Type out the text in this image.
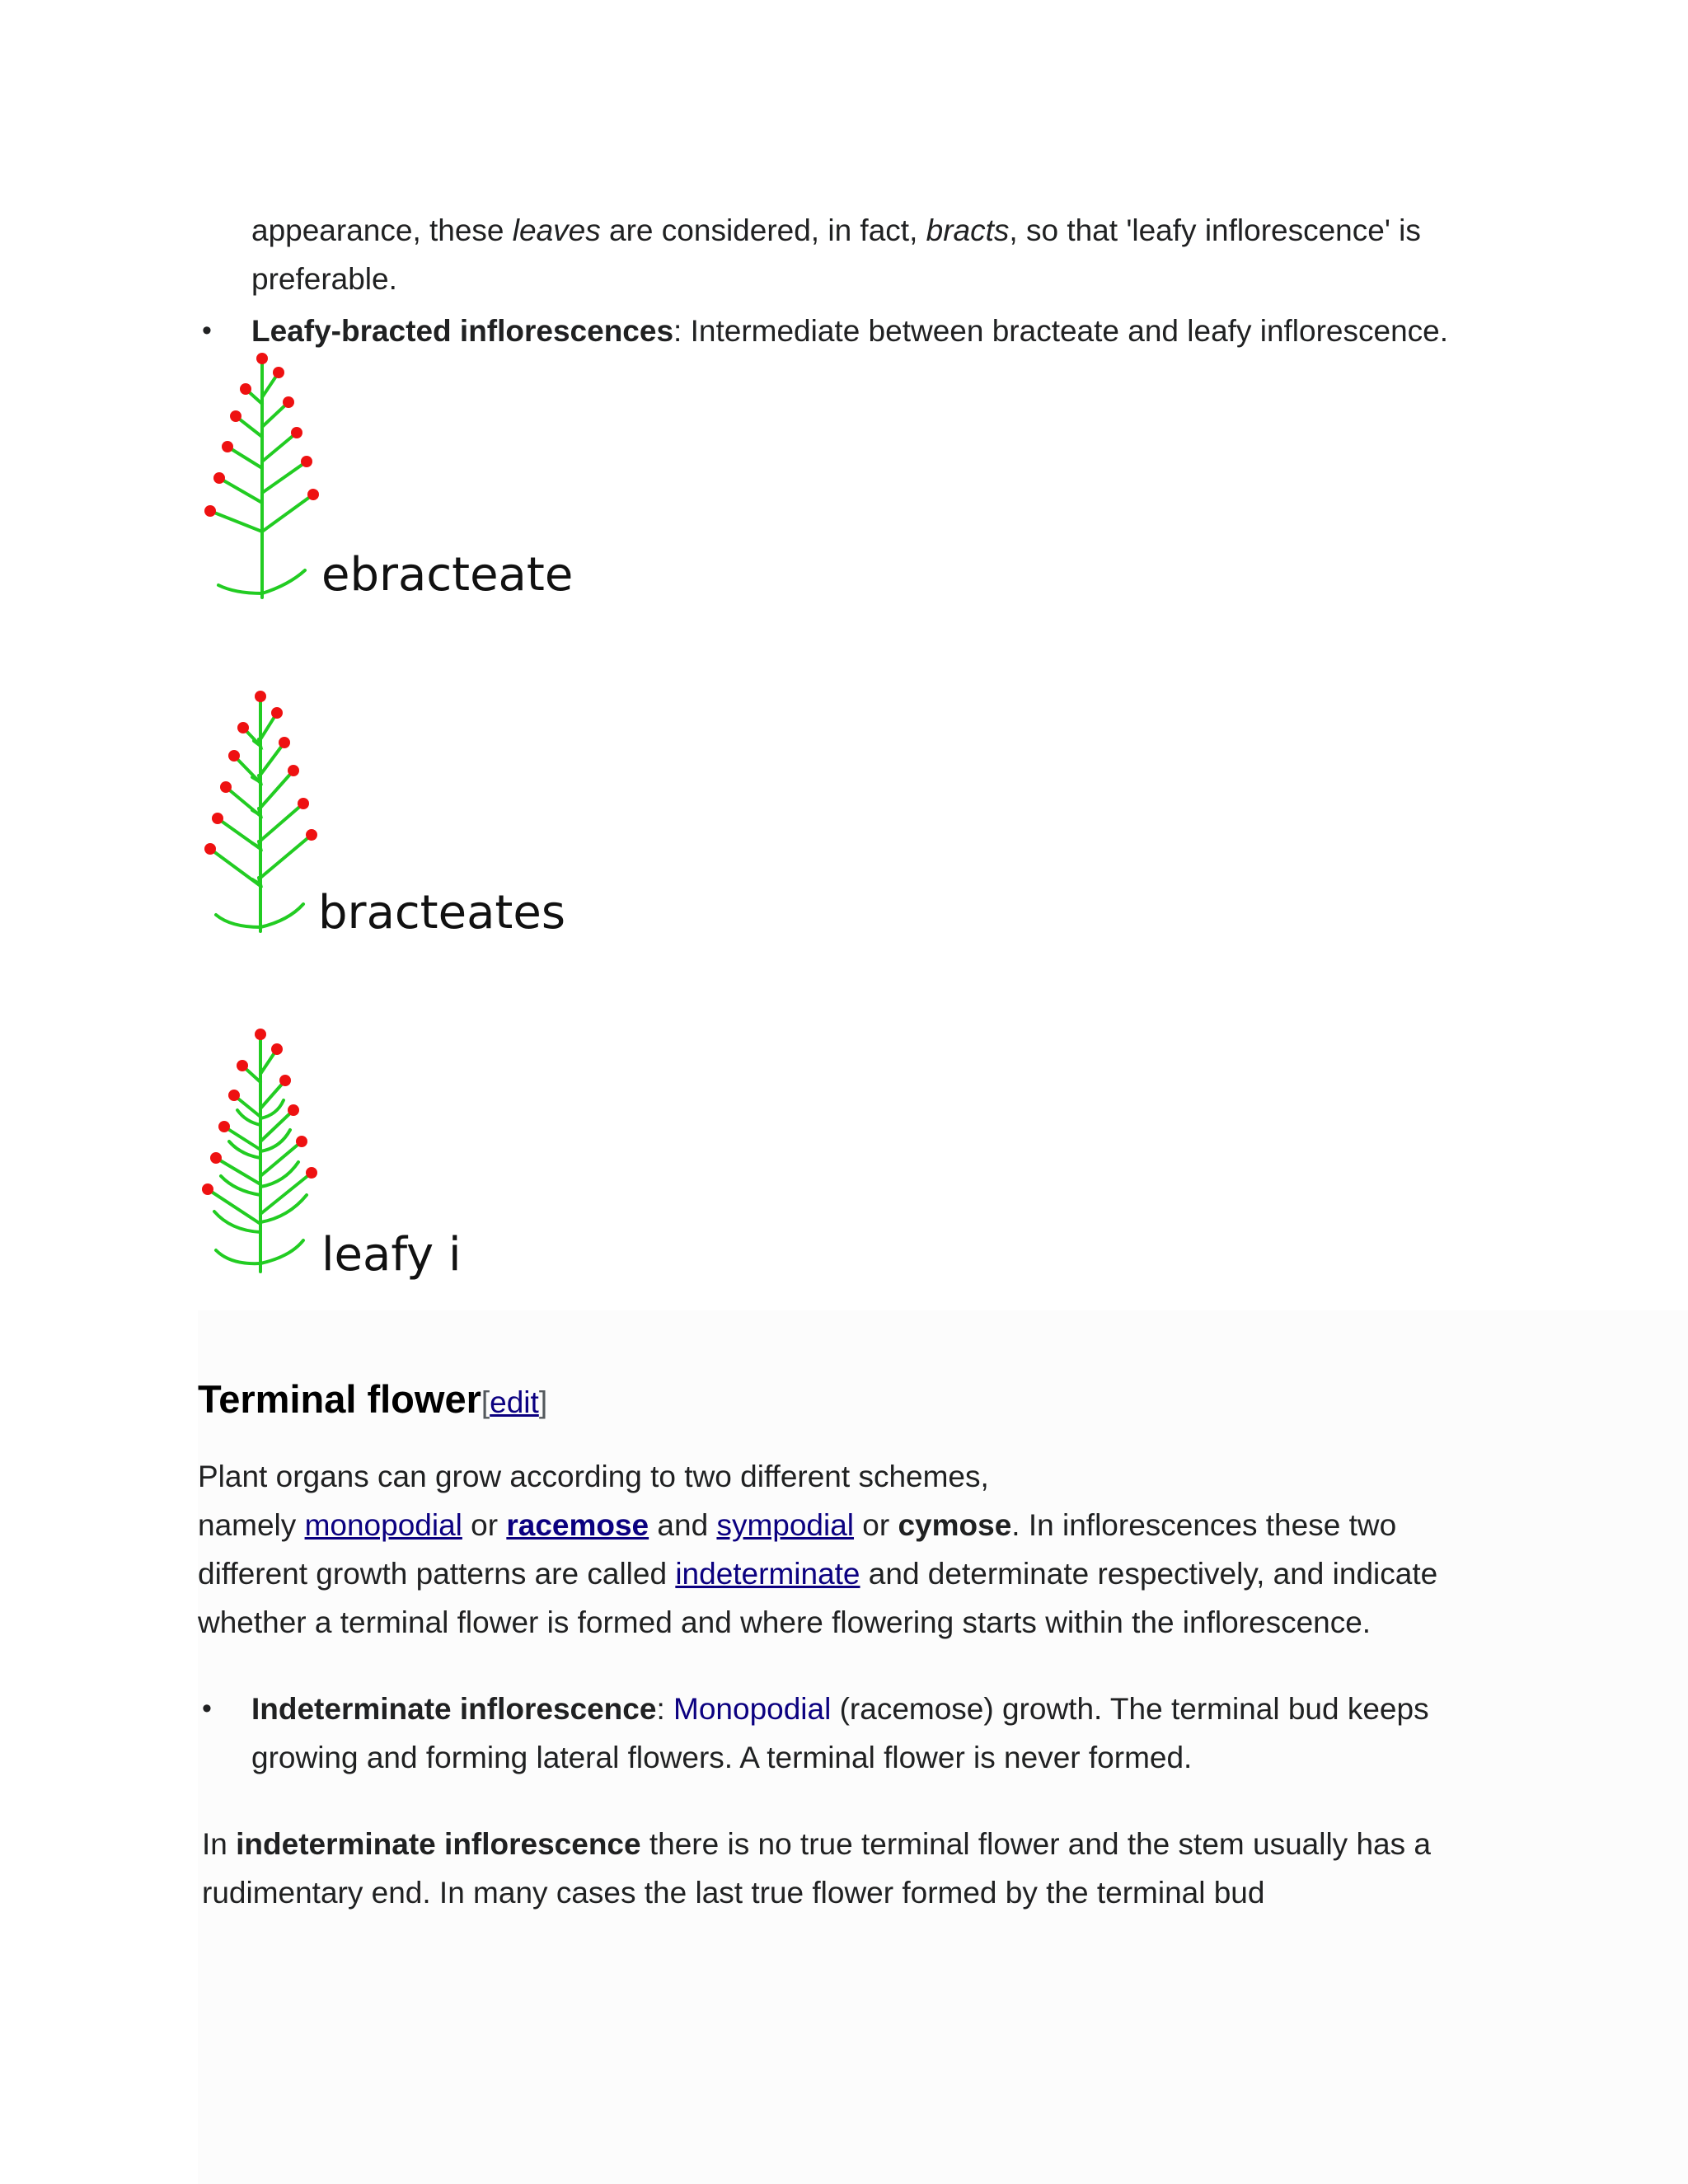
appearance, these leaves are considered, in fact, bracts, so that 'leafy inflorescence' is
preferable.
• Leafy-bracted inflorescences: Intermediate between bracteate and leafy inflorescence.
ebracteate
bracteates
leafy i
Terminal flower[edit]
Plant organs can grow according to two different schemes,
namely monopodial or racemose and sympodial or cymose. In inflorescences these two
different growth patterns are called indeterminate and determinate respectively, and indicate
whether a terminal flower is formed and where flowering starts within the inflorescence.
• Indeterminate inflorescence: Monopodial (racemose) growth. The terminal bud keeps
growing and forming lateral flowers. A terminal flower is never formed.
In indeterminate inflorescence there is no true terminal flower and the stem usually has a
rudimentary end. In many cases the last true flower formed by the terminal bud
